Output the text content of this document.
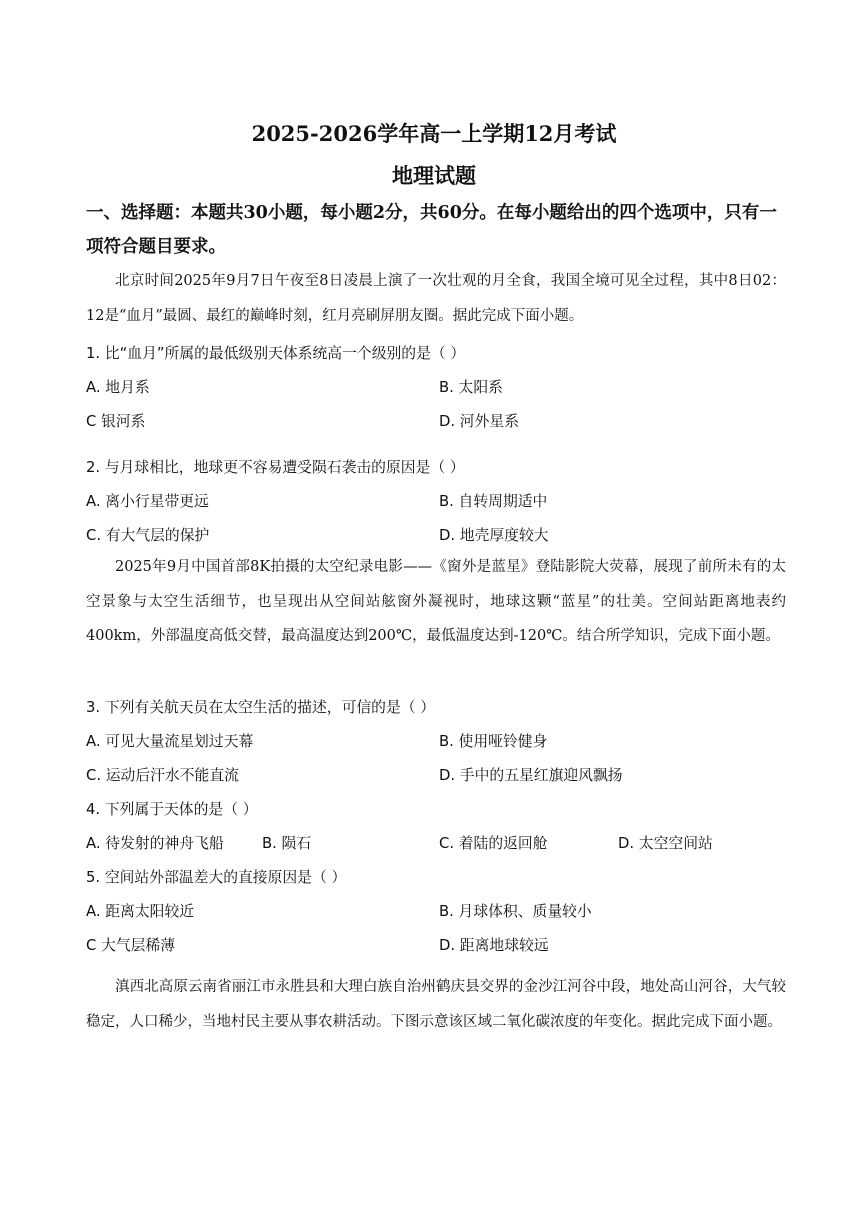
2025-2026学年高一上学期12月考试
地理试题
一、选择题：本题共30小题，每小题2分，共60分。在每小题给出的四个选项中，只有一项符合题目要求。
北京时间2025年9月7日午夜至8日凌晨上演了一次壮观的月全食，我国全境可见全过程，其中8日02：12是“血月”最圆、最红的巅峰时刻，红月亮刷屏朋友圈。据此完成下面小题。
1. 比“血月”所属的最低级别天体系统高一个级别的是（ ）
A. 地月系	B. 太阳系
C 银河系	D. 河外星系
2. 与月球相比，地球更不容易遭受陨石袭击的原因是（ ）
A. 离小行星带更远	B. 自转周期适中
C. 有大气层的保护	D. 地壳厚度较大
2025年9月中国首部8K拍摄的太空纪录电影——《窗外是蓝星》登陆影院大荧幕，展现了前所未有的太空景象与太空生活细节，也呈现出从空间站舷窗外凝视时，地球这颗“蓝星”的壮美。空间站距离地表约400km，外部温度高低交替，最高温度达到200℃，最低温度达到-120℃。结合所学知识，完成下面小题。
3. 下列有关航天员在太空生活的描述，可信的是（ ）
A. 可见大量流星划过天幕	B. 使用哑铃健身
C. 运动后汗水不能直流	D. 手中的五星红旗迎风飘扬
4. 下列属于天体的是（ ）
A. 待发射的神舟飞船	B. 陨石	C. 着陆的返回舱	D. 太空空间站
5. 空间站外部温差大的直接原因是（ ）
A. 距离太阳较近	B. 月球体积、质量较小
C 大气层稀薄	D. 距离地球较远
滇西北高原云南省丽江市永胜县和大理白族自治州鹤庆县交界的金沙江河谷中段，地处高山河谷，大气较稳定，人口稀少，当地村民主要从事农耕活动。下图示意该区域二氧化碳浓度的年变化。据此完成下面小题。
